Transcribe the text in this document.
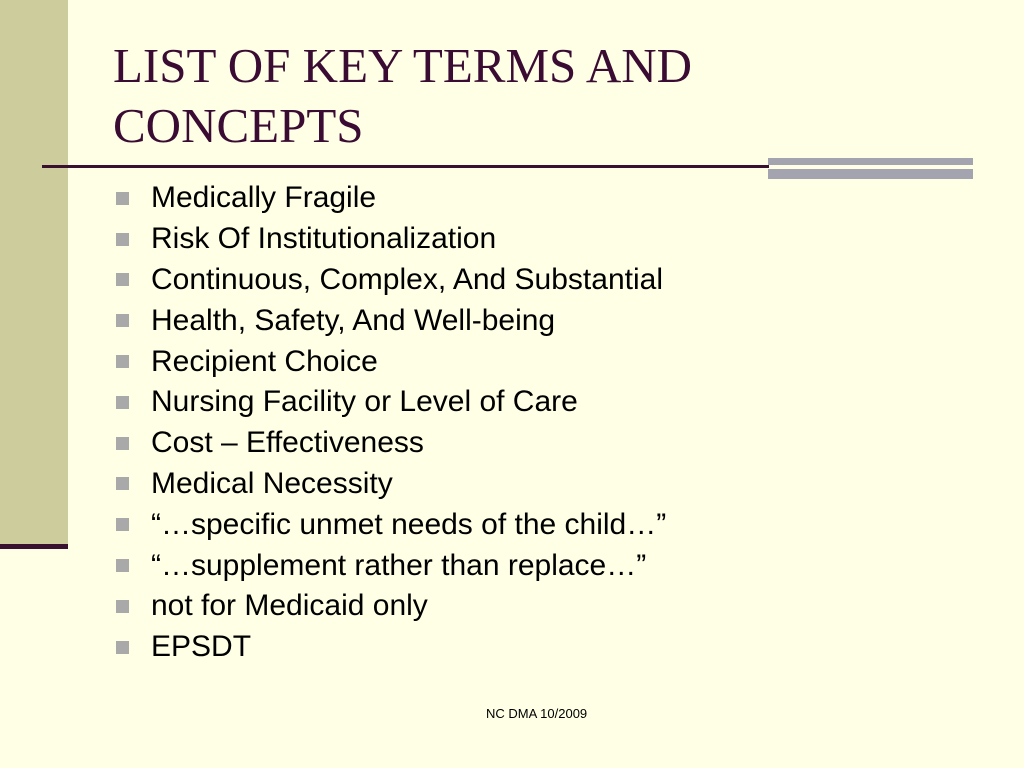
LIST OF KEY TERMS AND CONCEPTS
Medically Fragile
Risk Of Institutionalization
Continuous, Complex, And Substantial
Health, Safety, And Well-being
Recipient Choice
Nursing Facility or Level of Care
Cost – Effectiveness
Medical Necessity
“…specific unmet needs of the child…”
“…supplement rather than replace…”
not for Medicaid only
EPSDT
NC DMA 10/2009
